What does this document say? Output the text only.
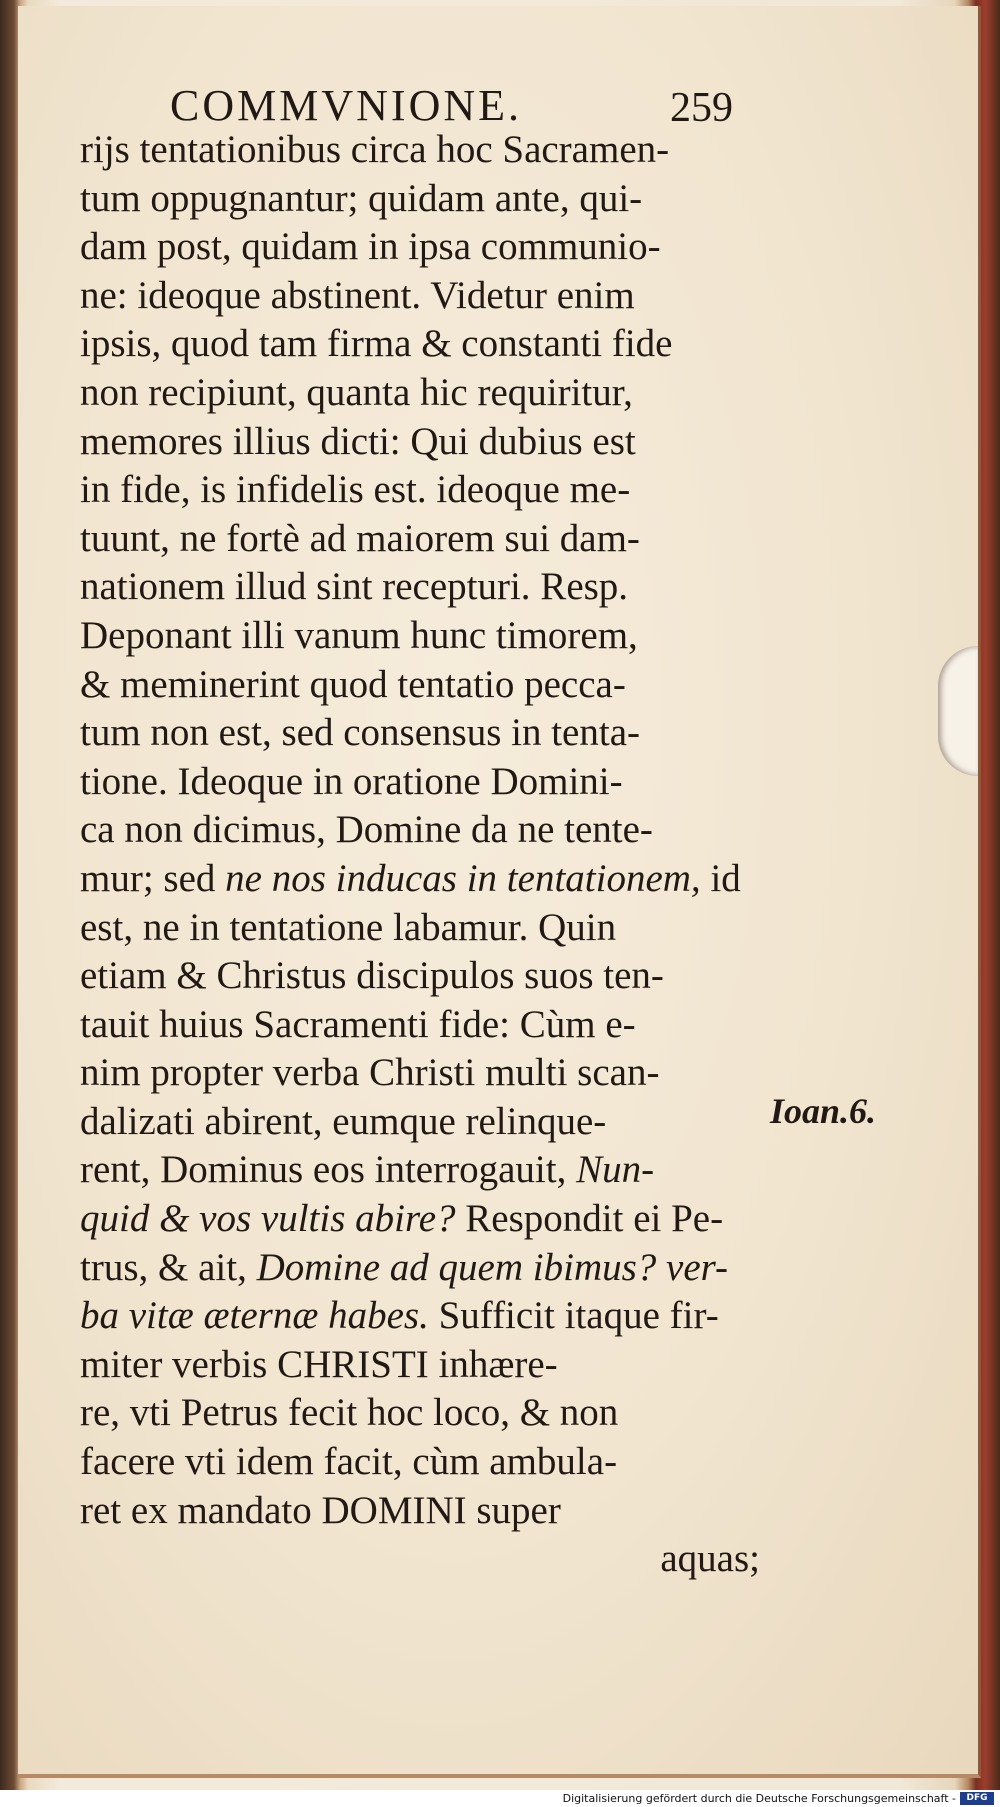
COMMVNIONE.	259
rijs tentationibus circa hoc Sacramen-
tum oppugnantur; quidam ante, qui-
dam post, quidam in ipsa communio-
ne: ideoque abstinent. Videtur enim
ipsis, quod tam firma & constanti fide
non recipiunt, quanta hic requiritur,
memores illius dicti: Qui dubius est
in fide, is infidelis est. ideoque me-
tuunt, ne fortè ad maiorem sui dam-
nationem illud sint recepturi. Resp.
Deponant illi vanum hunc timorem,
& meminerint quod tentatio pecca-
tum non est, sed consensus in tenta-
tione. Ideoque in oratione Domini-
ca non dicimus, Domine da ne tente-
mur; sed ne nos inducas in tentationem, id
est, ne in tentatione labamur. Quin
etiam & Christus discipulos suos ten-
tauit huius Sacramenti fide: Cùm e-
nim propter verba Christi multi scan-
dalizati abirent, eumque relinque-
rent, Dominus eos interrogauit, Nun-
quid & vos vultis abire? Respondit ei Pe-
trus, & ait, Domine ad quem ibimus? ver-
ba vitæ æternæ habes. Sufficit itaque fir-
miter verbis CHRISTI inhære-
re, vti Petrus fecit hoc loco, & non
facere vti idem facit, cùm ambula-
ret ex mandato DOMINI super
aquas;
Ioan.6.
Digitalisierung gefördert durch die Deutsche Forschungsgemeinschaft -	DFG
